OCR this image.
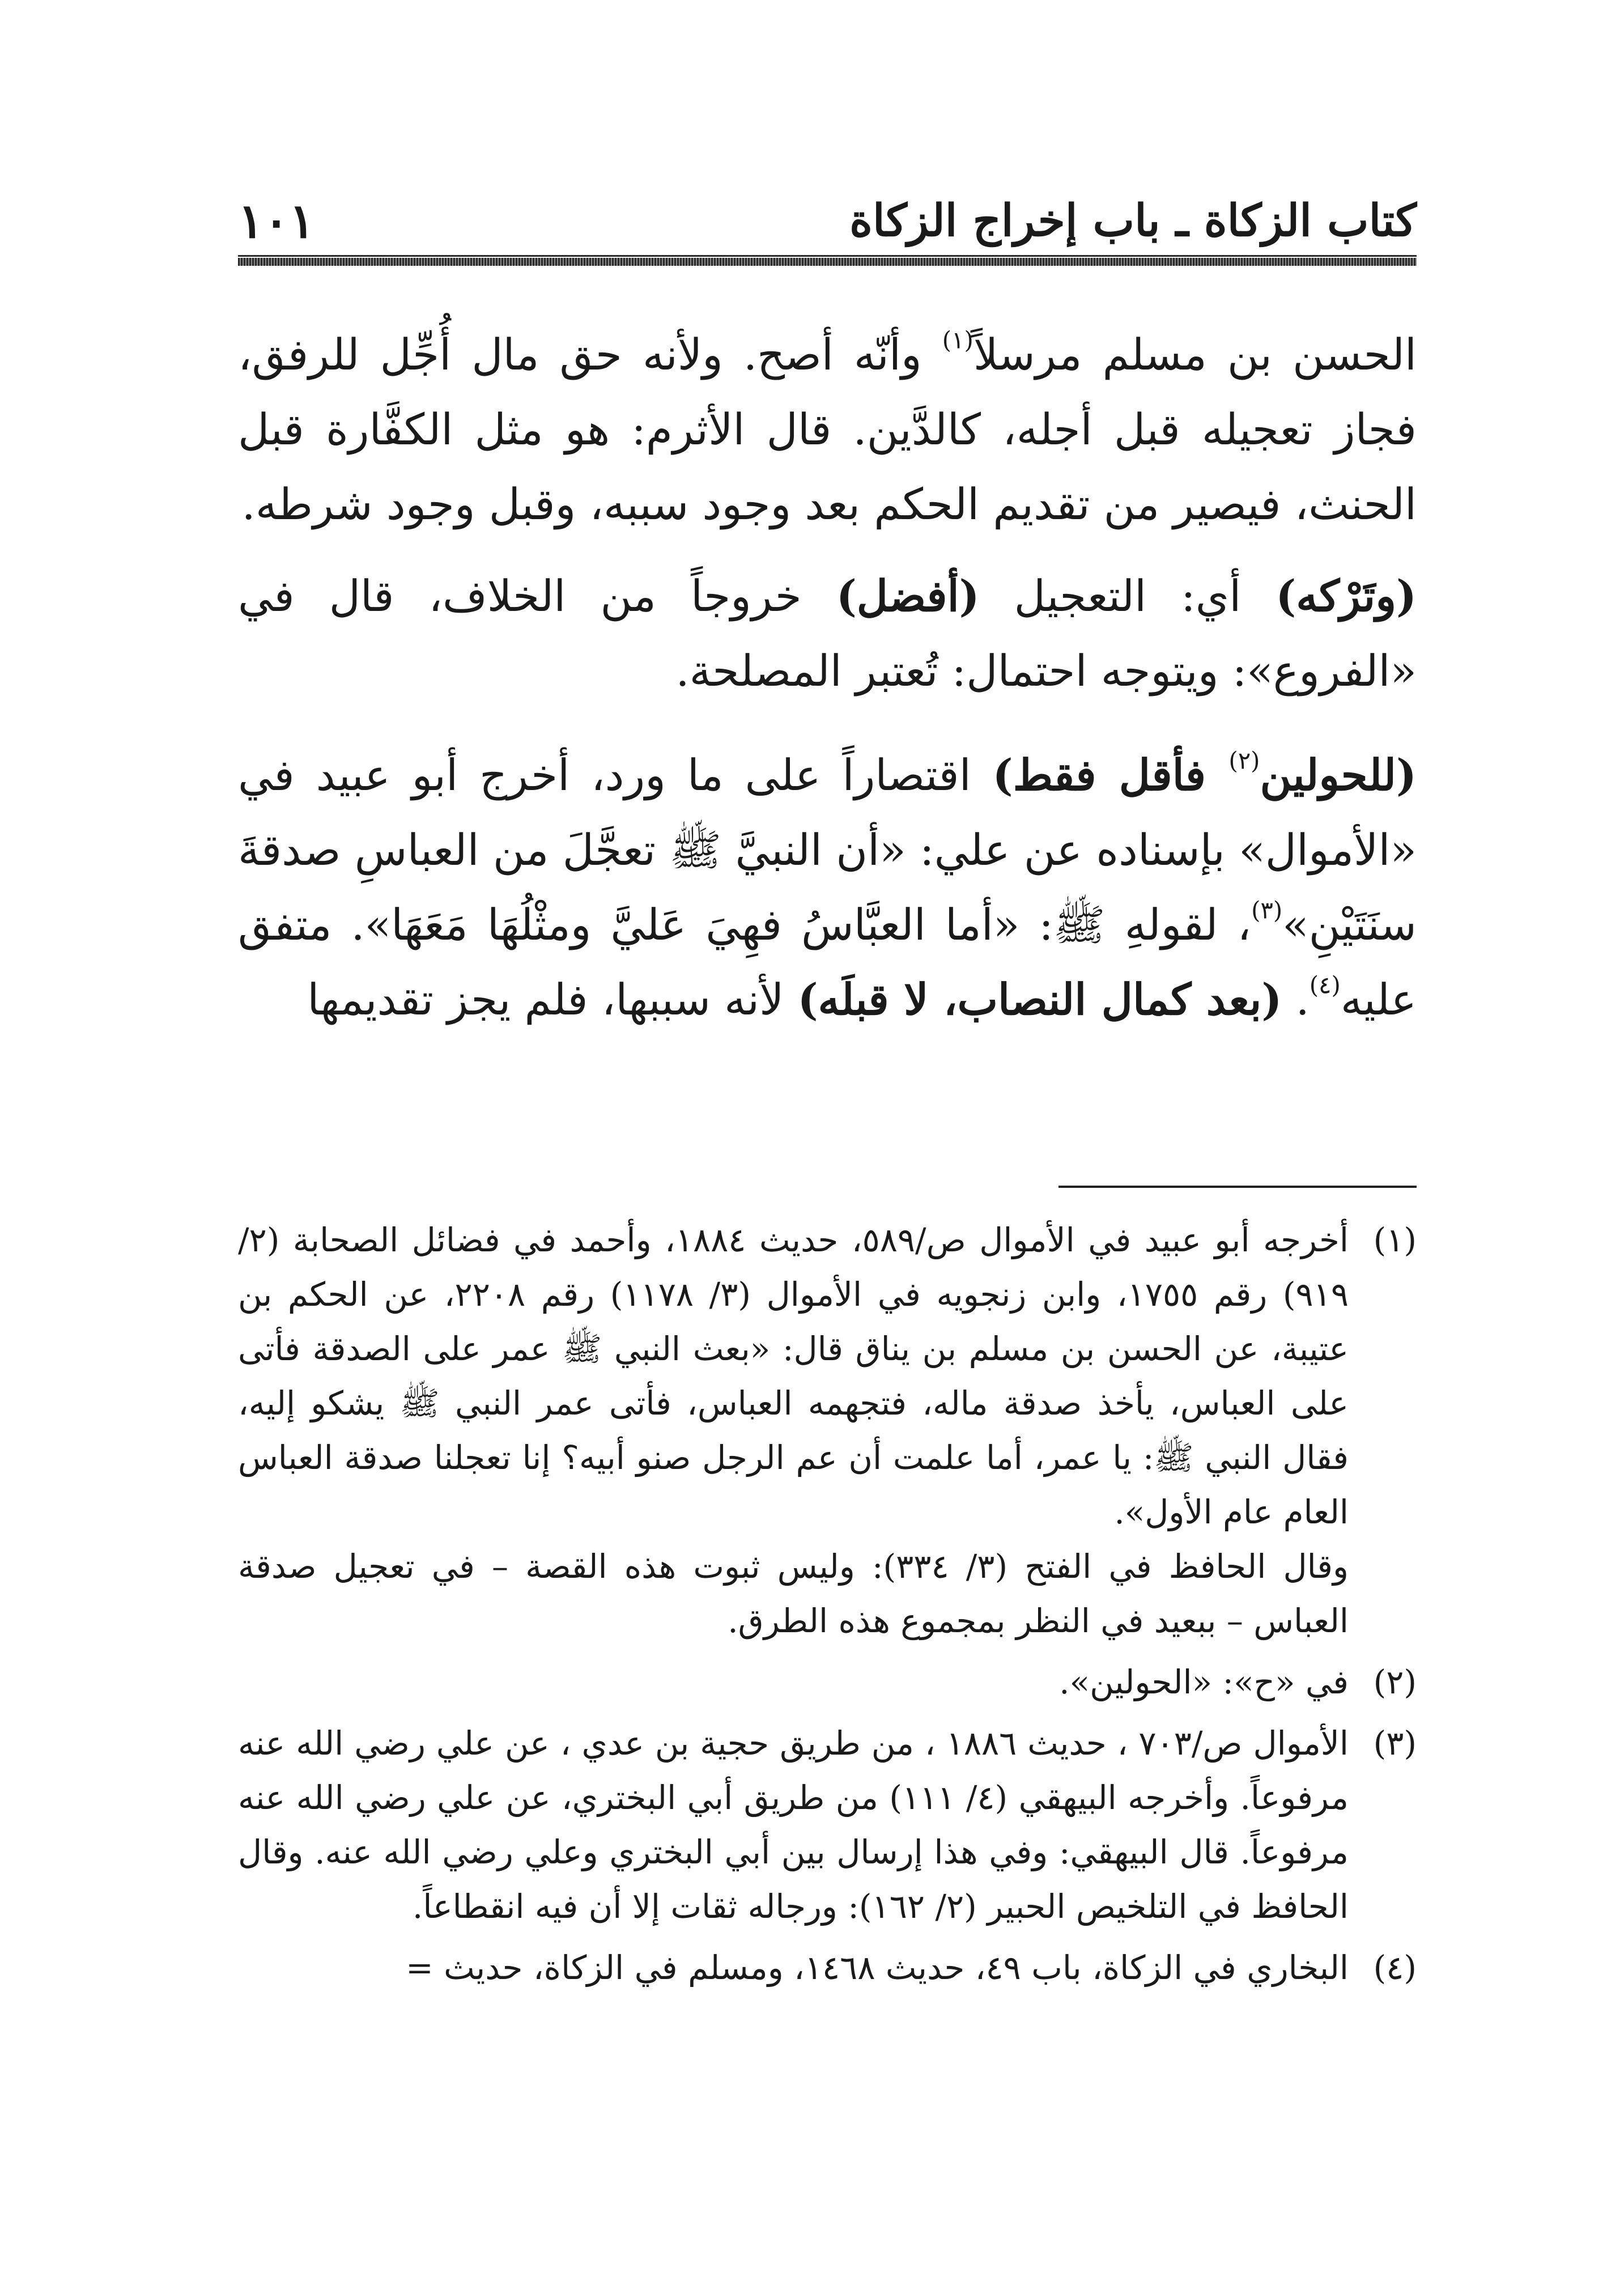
كتاب الزكاة ـ باب إخراج الزكاة
١٠١

الحسن بن مسلم مرسلاً$^{(١)}$ وأنّه أصح. ولأنه حق مال أُجِّل للرفق، فجاز تعجيله قبل أجله، كالدَّين. قال الأثرم: هو مثل الكفَّارة قبل الحنث، فيصير من تقديم الحكم بعد وجود سببه، وقبل وجود شرطه.

(وتَرْكه) أي: التعجيل (أفضل) خروجاً من الخلاف، قال في «الفروع»: ويتوجه احتمال: تُعتبر المصلحة.

(للحولين$^{(٢)}$ فأقل فقط) اقتصاراً على ما ورد، أخرج أبو عبيد في «الأموال» بإسناده عن علي: «أن النبيَّ ﷺ تعجَّلَ من العباسِ صدقةَ سنَتَيْنِ»$^{(٣)}$، لقولهِ ﷺ: «أما العبَّاسُ فهِيَ عَليَّ ومثْلُهَا مَعَهَا». متفق عليه$^{(٤)}$. (بعد كمال النصاب، لا قبلَه) لأنه سببها، فلم يجز تقديمها

(١)

أخرجه أبو عبيد في الأموال ص/٥٨٩، حديث ١٨٨٤، وأحمد في فضائل الصحابة (٢/ ٩١٩) رقم ١٧٥٥، وابن زنجويه في الأموال (٣/ ١١٧٨) رقم ٢٢٠٨، عن الحكم بن عتيبة، عن الحسن بن مسلم بن يناق قال: «بعث النبي ﷺ عمر على الصدقة فأتى على العباس، يأخذ صدقة ماله، فتجهمه العباس، فأتى عمر النبي ﷺ يشكو إليه، فقال النبي ﷺ: يا عمر، أما علمت أن عم الرجل صنو أبيه؟ إنا تعجلنا صدقة العباس العام عام الأول».

وقال الحافظ في الفتح (٣/ ٣٣٤): وليس ثبوت هذه القصة – في تعجيل صدقة العباس – ببعيد في النظر بمجموع هذه الطرق.

(٢)

في «ح»: «الحولين».

(٣)

الأموال ص/٧٠٣ ، حديث ١٨٨٦ ، من طريق حجية بن عدي ، عن علي رضي الله عنه مرفوعاً. وأخرجه البيهقي (٤/ ١١١) من طريق أبي البختري، عن علي رضي الله عنه مرفوعاً. قال البيهقي: وفي هذا إرسال بين أبي البختري وعلي رضي الله عنه. وقال الحافظ في التلخيص الحبير (٢/ ١٦٢): ورجاله ثقات إلا أن فيه انقطاعاً.

(٤)

البخاري في الزكاة، باب ٤٩، حديث ١٤٦٨، ومسلم في الزكاة، حديث =
